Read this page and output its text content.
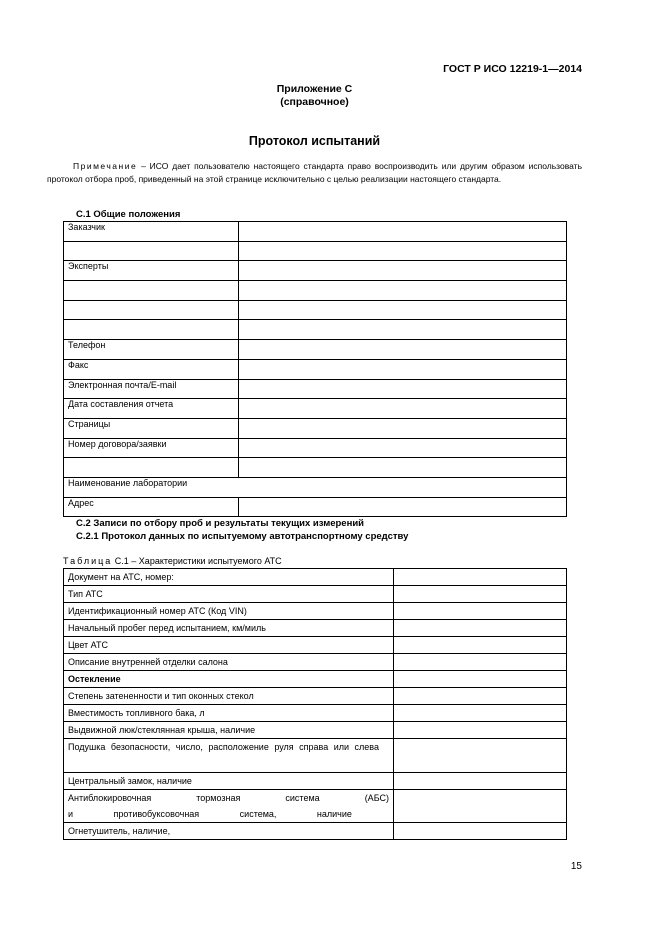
ГОСТ Р ИСО 12219-1—2014
Приложение С
(справочное)
Протокол испытаний
Примечание – ИСО дает пользователю настоящего стандарта право воспроизводить или другим образом использовать протокол отбора проб, приведенный на этой странице исключительно с целью реализации настоящего стандарта.
С.1 Общие положения
Заказчик	

Эксперты	

Телефон	
Факс	
Электронная почта/E-mail	
Дата составления отчета	
Страницы	
Номер договора/заявки	

Наименование лаборатории	
Адрес	
С.2 Записи по отбору проб и результаты текущих измерений
С.2.1 Протокол данных по испытуемому автотранспортному средству
Таблица С.1 – Характеристики испытуемого АТС
Документ на АТС, номер:	
Тип АТС	
Идентификационный номер АТС (Код VIN)	
Начальный пробег перед испытанием, км/миль	
Цвет АТС	
Описание внутренней отделки салона	
Остекление	
Степень затененности и тип оконных стекол	
Вместимость топливного бака, л	
Выдвижной люк/стеклянная крыша, наличие	
Подушка безопасности, число, расположение руля справа или слева	
Центральный замок, наличие	
Антиблокировочная тормозная система (АБС) и противобуксовочная система, наличие	
Огнетушитель, наличие,	
15
